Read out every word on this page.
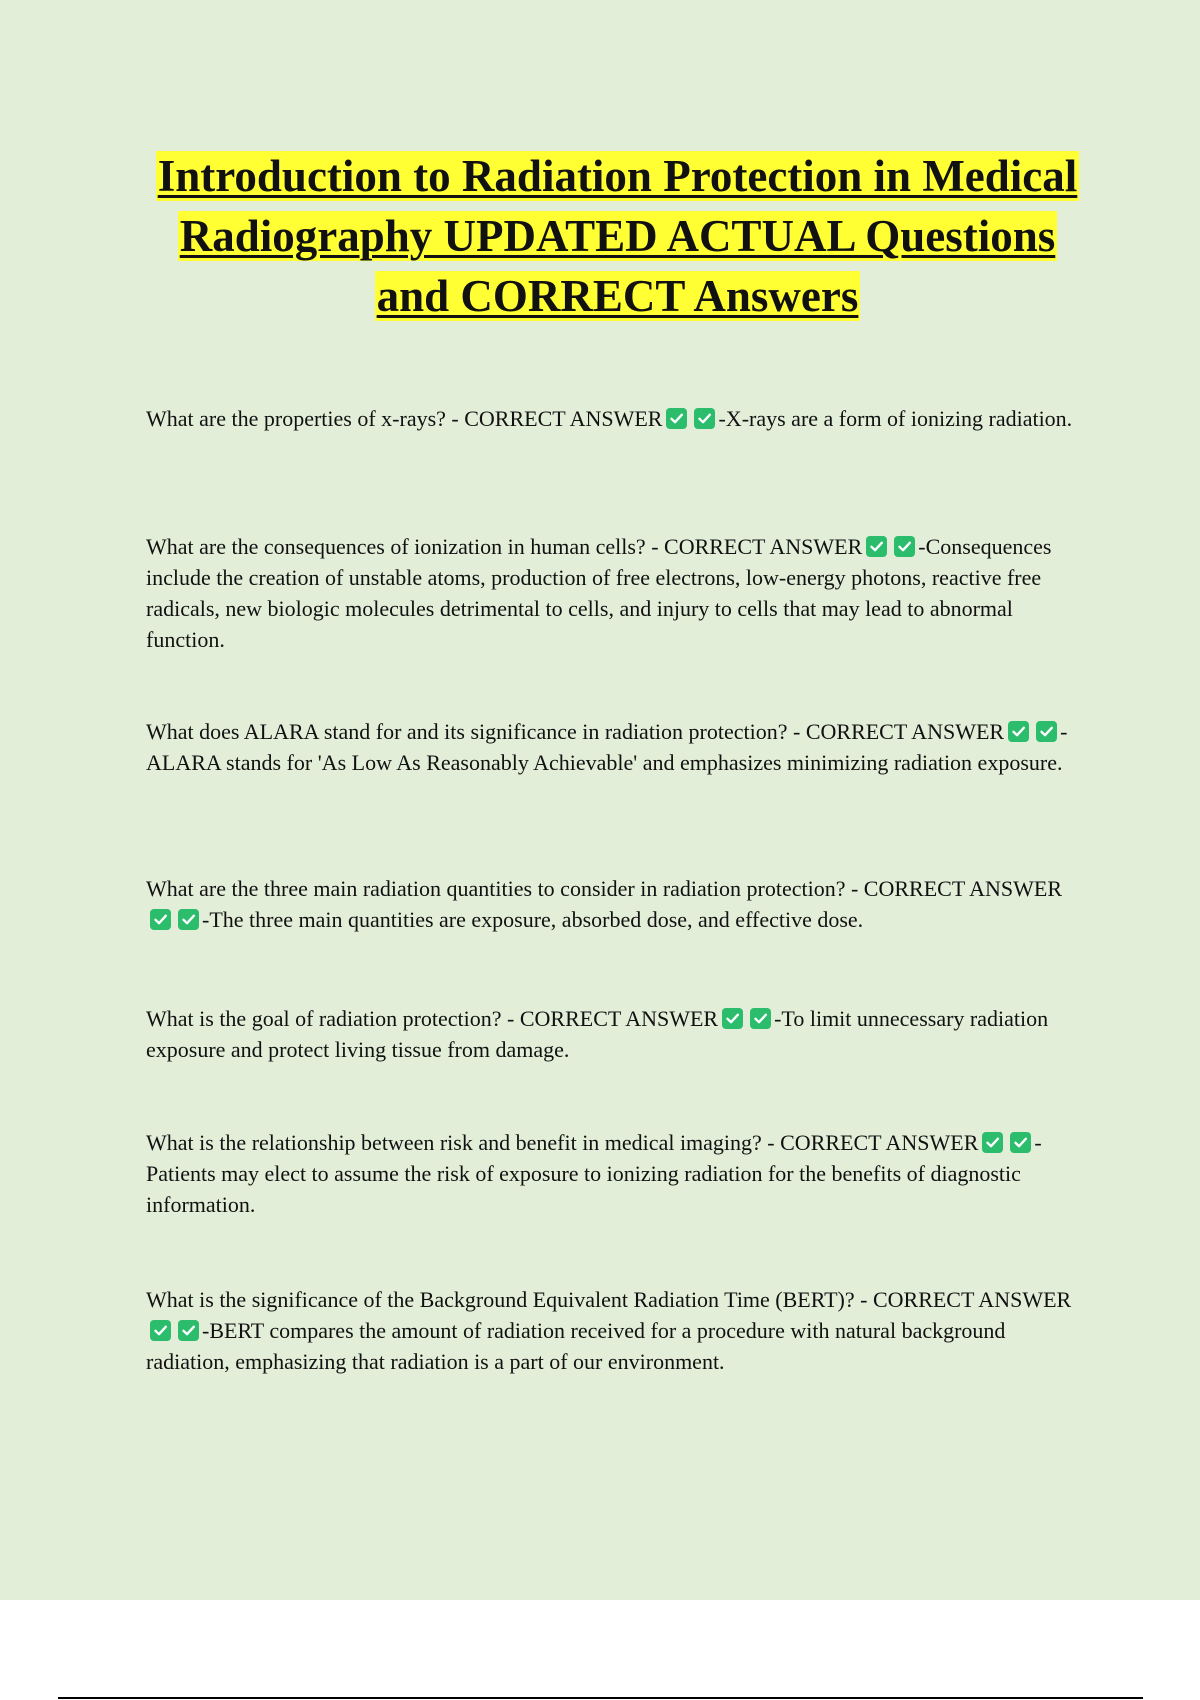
Introduction to Radiation Protection in Medical Radiography UPDATED ACTUAL Questions and CORRECT Answers

What are the properties of x-rays? - CORRECT ANSWER	-X-rays are a form of ionizing radiation.

What are the consequences of ionization in human cells? - CORRECT ANSWER	-Consequences include the creation of unstable atoms, production of free electrons, low-energy photons, reactive free radicals, new biologic molecules detrimental to cells, and injury to cells that may lead to abnormal function.

What does ALARA stand for and its significance in radiation protection? - CORRECT ANSWER	-ALARA stands for 'As Low As Reasonably Achievable' and emphasizes minimizing radiation exposure.

What are the three main radiation quantities to consider in radiation protection? - CORRECT ANSWER
-The three main quantities are exposure, absorbed dose, and effective dose.

What is the goal of radiation protection? - CORRECT ANSWER	-To limit unnecessary radiation exposure and protect living tissue from damage.

What is the relationship between risk and benefit in medical imaging? - CORRECT ANSWER	-Patients may elect to assume the risk of exposure to ionizing radiation for the benefits of diagnostic information.

What is the significance of the Background Equivalent Radiation Time (BERT)? - CORRECT ANSWER
-BERT compares the amount of radiation received for a procedure with natural background radiation, emphasizing that radiation is a part of our environment.
